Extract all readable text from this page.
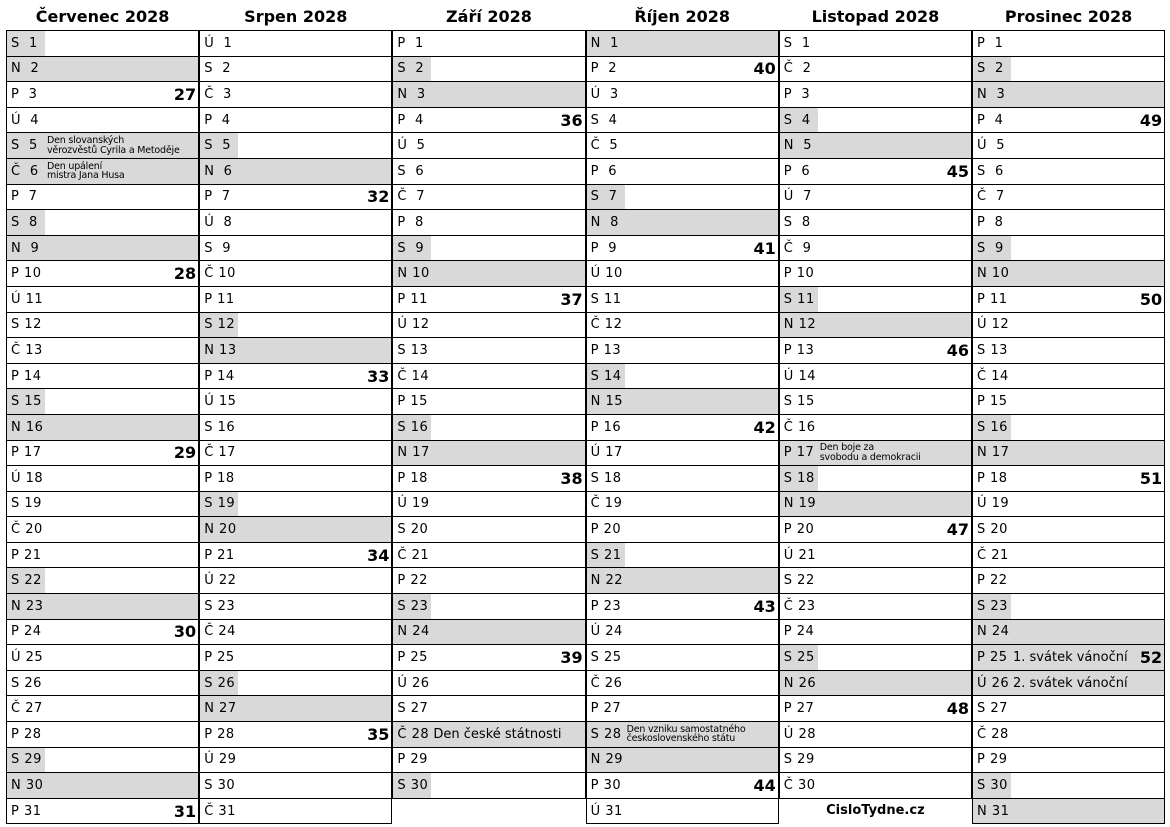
Červenec 2028
S  1
N  2
P  3	27
Ú  4
S  5 Den slovanských
věrozvěstů Cyrila a Metoděje
Č  6 Den upálení
mistra Jana Husa
P  7
S  8
N  9
P 10	28
Ú 11
S 12
Č 13
P 14
S 15
N 16
P 17	29
Ú 18
S 19
Č 20
P 21
S 22
N 23
P 24	30
Ú 25
S 26
Č 27
P 28
S 29
N 30
P 31	31
Srpen 2028
Ú  1
S  2
Č  3
P  4
S  5
N  6
P  7	32
Ú  8
S  9
Č 10
P 11
S 12
N 13
P 14	33
Ú 15
S 16
Č 17
P 18
S 19
N 20
P 21	34
Ú 22
S 23
Č 24
P 25
S 26
N 27
P 28	35
Ú 29
S 30
Č 31
Září 2028
P  1
S  2
N  3
P  4	36
Ú  5
S  6
Č  7
P  8
S  9
N 10
P 11	37
Ú 12
S 13
Č 14
P 15
S 16
N 17
P 18	38
Ú 19
S 20
Č 21
P 22
S 23
N 24
P 25	39
Ú 26
S 27
Č 28 Den české státnosti
P 29
S 30
Říjen 2028
N  1
P  2	40
Ú  3
S  4
Č  5
P  6
S  7
N  8
P  9	41
Ú 10
S 11
Č 12
P 13
S 14
N 15
P 16	42
Ú 17
S 18
Č 19
P 20
S 21
N 22
P 23	43
Ú 24
S 25
Č 26
P 27
S 28 Den vzniku samostatného
československého státu
N 29
P 30	44
Ú 31
Listopad 2028
S  1
Č  2
P  3
S  4
N  5
P  6	45
Ú  7
S  8
Č  9
P 10
S 11
N 12
P 13	46
Ú 14
S 15
Č 16
P 17 Den boje za
svobodu a demokracii
S 18
N 19
P 20	47
Ú 21
S 22
Č 23
P 24
S 25
N 26
P 27	48
Ú 28
S 29
Č 30
Prosinec 2028
P  1
S  2
N  3
P  4	49
Ú  5
S  6
Č  7
P  8
S  9
N 10
P 11	50
Ú 12
S 13
Č 14
P 15
S 16
N 17
P 18	51
Ú 19
S 20
Č 21
P 22
S 23
N 24
P 25 1. svátek vánoční 52
Ú 26 2. svátek vánoční
S 27
Č 28
P 29
S 30
N 31
CisloTydne.cz
